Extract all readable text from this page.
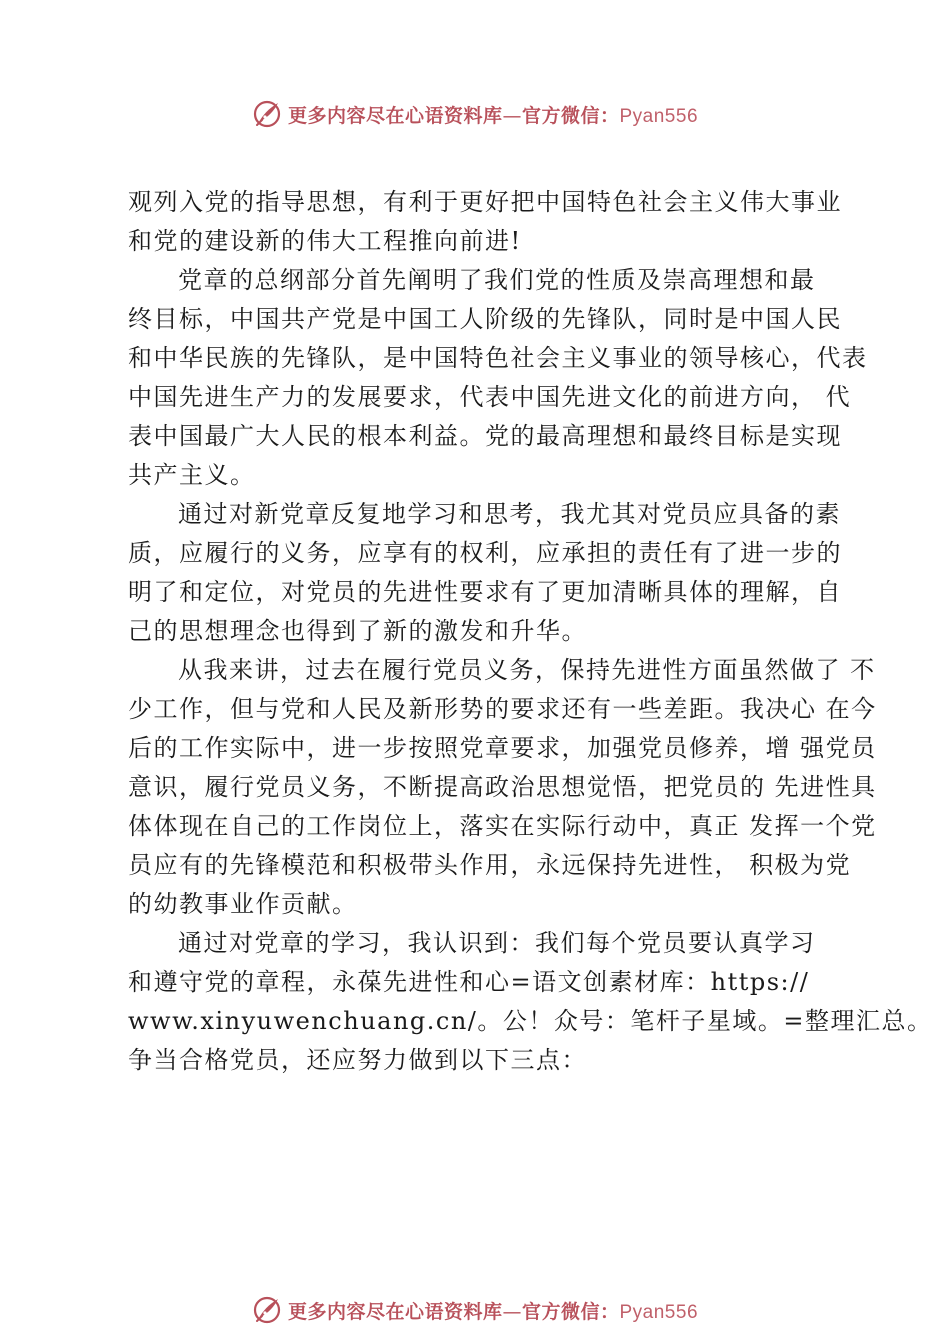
更多内容尽在心语资料库—官方微信：Pyan556

观列入党的指导思想，有利于更好把中国特色社会主义伟大事业
和党的建设新的伟大工程推向前进!

党章的总纲部分首先阐明了我们党的性质及崇高理想和最
终目标，中国共产党是中国工人阶级的先锋队，同时是中国人民
和中华民族的先锋队，是中国特色社会主义事业的领导核心，代表
中国先进生产力的发展要求，代表中国先进文化的前进方向， 代
表中国最广大人民的根本利益。党的最高理想和最终目标是实现
共产主义。

通过对新党章反复地学习和思考，我尤其对党员应具备的素
质，应履行的义务，应享有的权利，应承担的责任有了进一步的
明了和定位，对党员的先进性要求有了更加清晰具体的理解，自
己的思想理念也得到了新的激发和升华。

从我来讲，过去在履行党员义务，保持先进性方面虽然做了 不
少工作，但与党和人民及新形势的要求还有一些差距。我决心 在今
后的工作实际中，进一步按照党章要求，加强党员修养，增 强党员
意识，履行党员义务，不断提高政治思想觉悟，把党员的 先进性具
体体现在自己的工作岗位上，落实在实际行动中，真正 发挥一个党
员应有的先锋模范和积极带头作用，永远保持先进性， 积极为党
的幼教事业作贡献。

通过对党章的学习，我认识到：我们每个党员要认真学习
和遵守党的章程，永葆先进性和心=语文创素材库：https://
www.xinyuwenchuang.cn/。公！众号：笔杆子星域。=整理汇总。
争当合格党员，还应努力做到以下三点：

更多内容尽在心语资料库—官方微信：Pyan556
